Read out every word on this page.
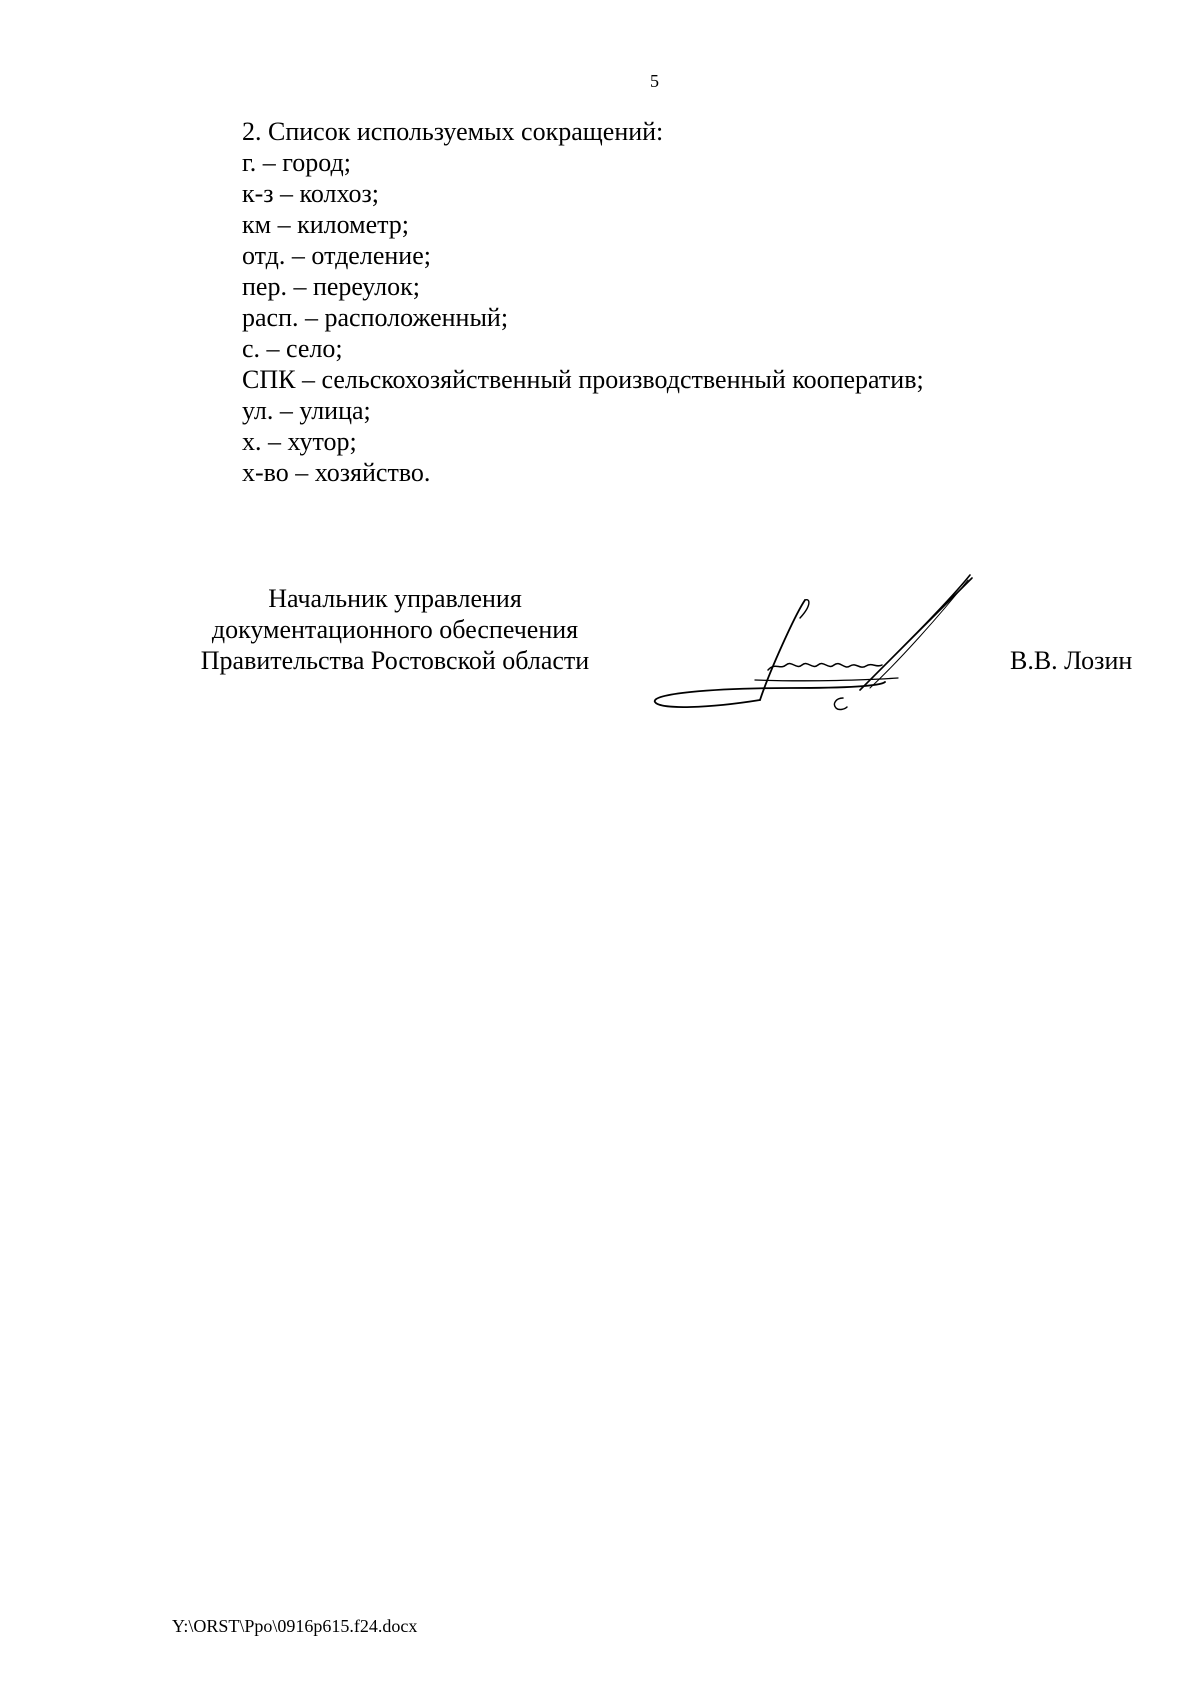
5
2. Список используемых сокращений:
г. – город;
к-з – колхоз;
км – километр;
отд. – отделение;
пер. – переулок;
расп. – расположенный;
с. – село;
СПК – сельскохозяйственный производственный кооператив;
ул. – улица;
х. – хутор;
х-во – хозяйство.
Начальник управления
документационного обеспечения
Правительства Ростовской области	В.В. Лозин
Y:\ORST\Ppo\0916p615.f24.docx
